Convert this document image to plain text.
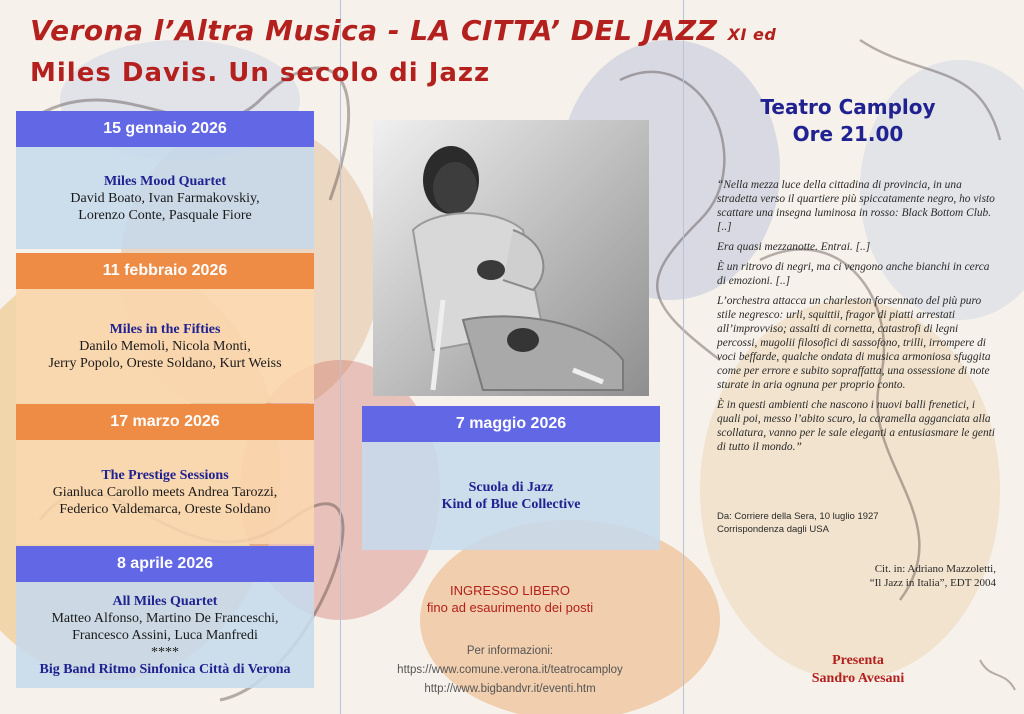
Verona l’Altra Musica - LA CITTA’ DEL JAZZ XI ed
Miles Davis. Un secolo di Jazz
15 gennaio 2026
Miles Mood Quartet
David Boato, Ivan Farmakovskiy,
Lorenzo Conte, Pasquale Fiore
11 febbraio 2026
Miles in the Fifties
Danilo Memoli, Nicola Monti,
Jerry Popolo, Oreste Soldano, Kurt Weiss
17 marzo 2026
The Prestige Sessions
Gianluca Carollo meets Andrea Tarozzi,
Federico Valdemarca, Oreste Soldano
8 aprile 2026
All Miles Quartet
Matteo Alfonso, Martino De Franceschi,
Francesco Assini, Luca Manfredi
****
Big Band Ritmo Sinfonica Città di Verona
7 maggio 2026
Scuola di Jazz
Kind of Blue Collective
INGRESSO LIBERO
fino ad esaurimento dei posti
Per informazioni:
https://www.comune.verona.it/teatrocamploy
http://www.bigbandvr.it/eventi.htm
Teatro Camploy
Ore 21.00

“Nella mezza luce della cittadina di provincia, in una stradetta verso il quartiere più spiccatamente negro, ho visto scattare una insegna luminosa in rosso: Black Bottom Club. [..]

Era quasi mezzanotte. Entrai. [..]

È un ritrovo di negri, ma ci vengono anche bianchi in cerca di emozioni. [..]

L’orchestra attacca un charleston forsennato del più puro stile negresco: urli, squittii, fragor di piatti arrestati all’improvviso; assalti di cornetta, catastrofi di legni percossi, mugolii filosofici di sassofono, trilli, irrompere di voci beffarde, qualche ondata di musica armoniosa sfuggita come per errore e subito sopraffatta, una ossessione di note sturate in aria ognuna per proprio conto.

È in questi ambienti che nascono i nuovi balli frenetici, i quali poi, messo l’abito scuro, la caramella agganciata alla scollatura, vanno per le sale eleganti a entusiasmare le genti di tutto il mondo.”

Da: Corriere della Sera, 10 luglio 1927
Corrispondenza dagli USA
Cit. in: Adriano Mazzoletti,
“Il Jazz in Italia”, EDT 2004
Presenta
Sandro Avesani
